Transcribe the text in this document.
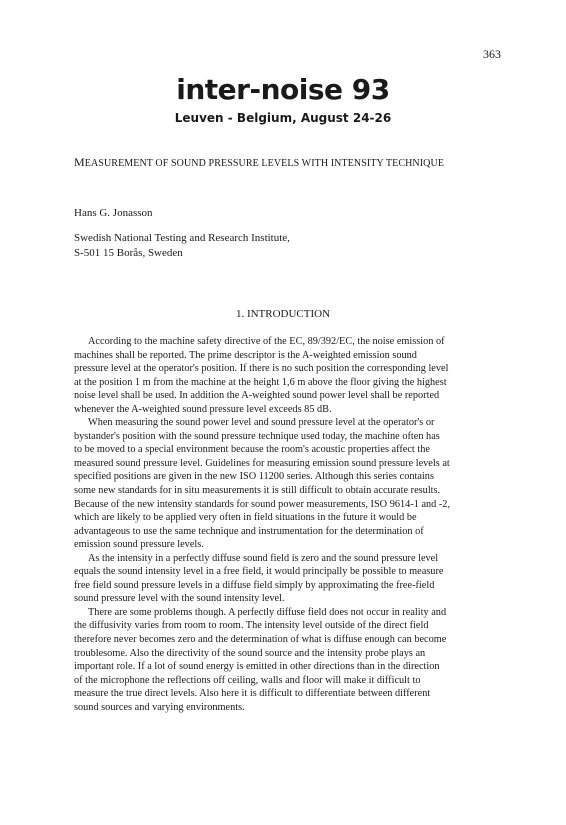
363
inter-noise 93
Leuven - Belgium, August 24-26
MEASUREMENT OF SOUND PRESSURE LEVELS WITH INTENSITY TECHNIQUE
Hans G. Jonasson
Swedish National Testing and Research Institute,
S-501 15 Borås, Sweden
1. INTRODUCTION
According to the machine safety directive of the EC, 89/392/EC, the noise emission of
machines shall be reported. The prime descriptor is the A-weighted emission sound
pressure level at the operator's position. If there is no such position the corresponding level
at the position 1 m from the machine at the height 1,6 m above the floor giving the highest
noise level shall be used. In addition the A-weighted sound power level shall be reported
whenever the A-weighted sound pressure level exceeds 85 dB.
When measuring the sound power level and sound pressure level at the operator's or
bystander's position with the sound pressure technique used today, the machine often has
to be moved to a special environment because the room's acoustic properties affect the
measured sound pressure level. Guidelines for measuring emission sound pressure levels at
specified positions are given in the new ISO 11200 series. Although this series contains
some new standards for in situ measurements it is still difficult to obtain accurate results.
Because of the new intensity standards for sound power measurements, ISO 9614-1 and -2,
which are likely to be applied very often in field situations in the future it would be
advantageous to use the same technique and instrumentation for the determination of
emission sound pressure levels.
As the intensity in a perfectly diffuse sound field is zero and the sound pressure level
equals the sound intensity level in a free field, it would principally be possible to measure
free field sound pressure levels in a diffuse field simply by approximating the free-field
sound pressure level with the sound intensity level.
There are some problems though. A perfectly diffuse field does not occur in reality and
the diffusivity varies from room to room. The intensity level outside of the direct field
therefore never becomes zero and the determination of what is diffuse enough can become
troublesome. Also the directivity of the sound source and the intensity probe plays an
important role. If a lot of sound energy is emitted in other directions than in the direction
of the microphone the reflections off ceiling, walls and floor will make it difficult to
measure the true direct levels. Also here it is difficult to differentiate between different
sound sources and varying environments.
